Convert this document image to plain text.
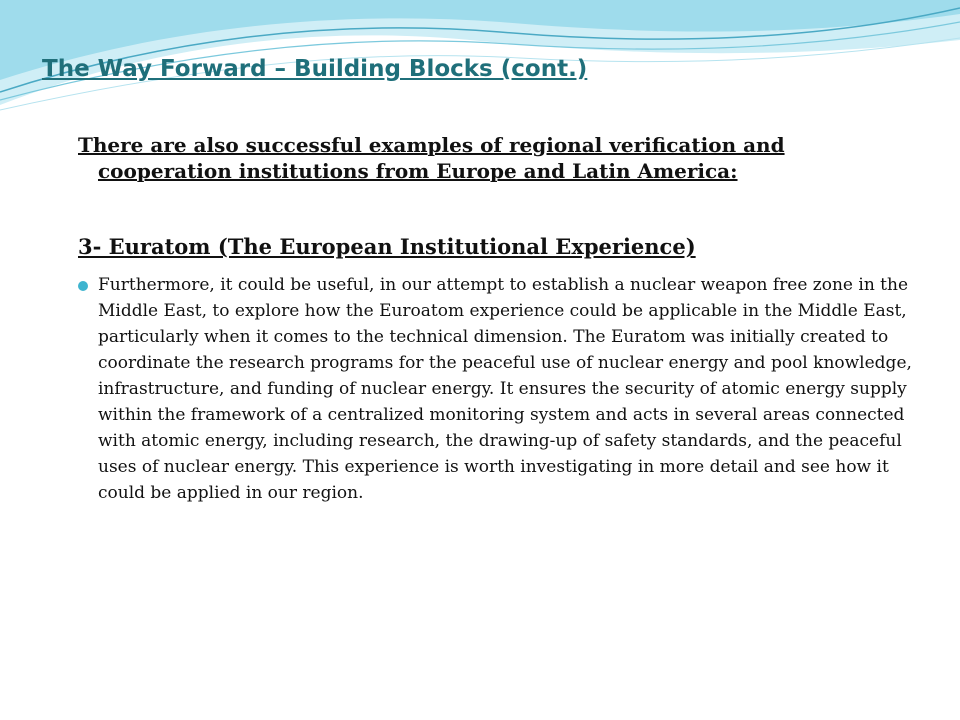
The Way Forward – Building Blocks (cont.)

There are also successful examples of regional verification and cooperation institutions from Europe and Latin America:

3- Euratom (The European Institutional Experience)

Furthermore, it could be useful, in our attempt to establish a nuclear weapon free zone in the Middle East, to explore how the Euroatom experience could be applicable in the Middle East, particularly when it comes to the technical dimension. The Euratom was initially created to coordinate the research programs for the peaceful use of nuclear energy and pool knowledge, infrastructure, and funding of nuclear energy. It ensures the security of atomic energy supply within the framework of a centralized monitoring system and acts in several areas connected with atomic energy, including research, the drawing-up of safety standards, and the peaceful uses of nuclear energy. This experience is worth investigating in more detail and see how it could be applied in our region.
